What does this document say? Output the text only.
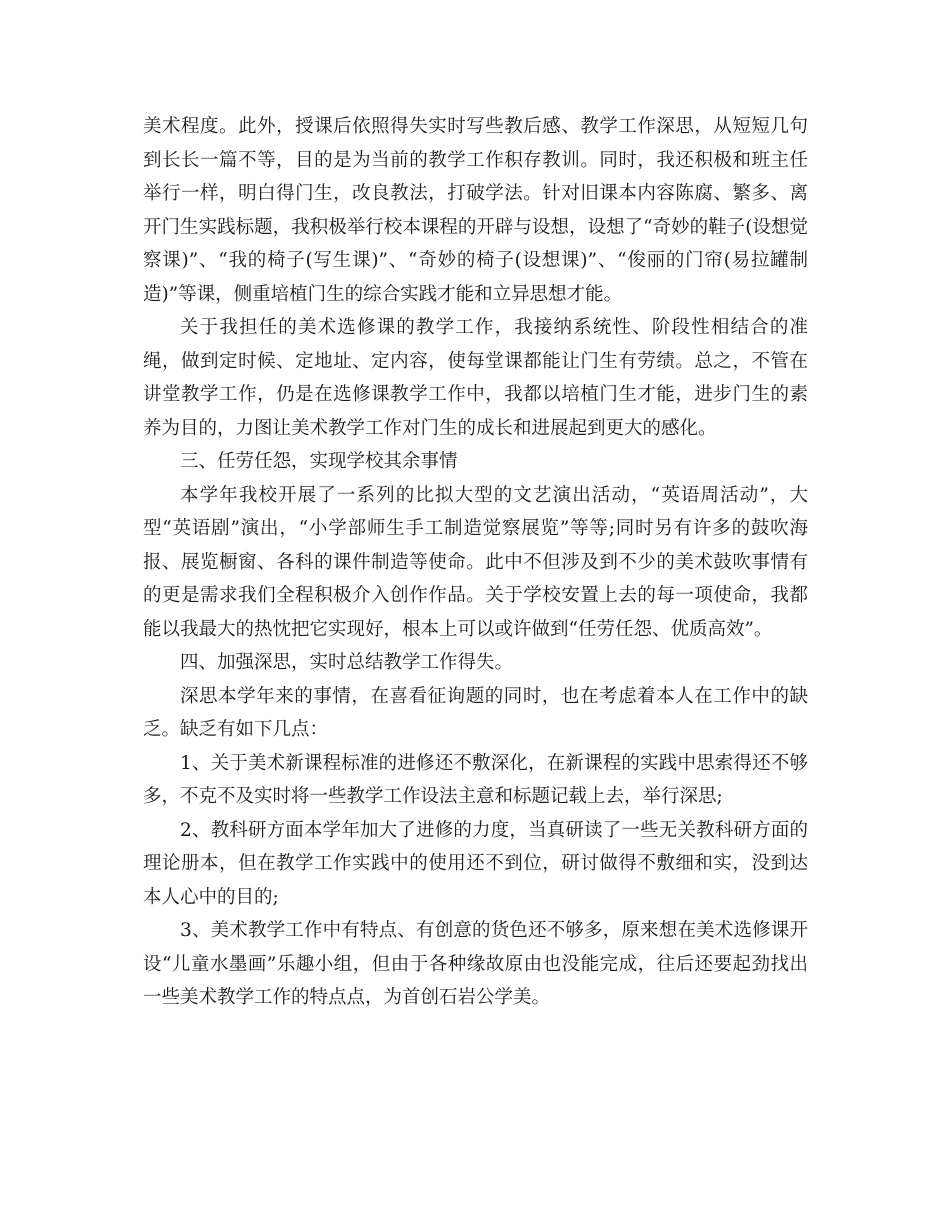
美术程度。此外，授课后依照得失实时写些教后感、教学工作深思，从短短几句到长长一篇不等，目的是为当前的教学工作积存教训。同时，我还积极和班主任举行一样，明白得门生，改良教法，打破学法。针对旧课本内容陈腐、繁多、离开门生实践标题，我积极举行校本课程的开辟与设想，设想了“奇妙的鞋子(设想觉察课)”、“我的椅子(写生课)”、“奇妙的椅子(设想课)”、“俊丽的门帘(易拉罐制造)”等课，侧重培植门生的综合实践才能和立异思想才能。

关于我担任的美术选修课的教学工作，我接纳系统性、阶段性相结合的准绳，做到定时候、定地址、定内容，使每堂课都能让门生有劳绩。总之，不管在讲堂教学工作，仍是在选修课教学工作中，我都以培植门生才能，进步门生的素养为目的，力图让美术教学工作对门生的成长和进展起到更大的感化。

三、任劳任怨，实现学校其余事情

本学年我校开展了一系列的比拟大型的文艺演出活动，“英语周活动”，大型“英语剧”演出，“小学部师生手工制造觉察展览”等等;同时另有许多的鼓吹海报、展览橱窗、各科的课件制造等使命。此中不但涉及到不少的美术鼓吹事情有的更是需求我们全程积极介入创作作品。关于学校安置上去的每一项使命，我都能以我最大的热忱把它实现好，根本上可以或许做到“任劳任怨、优质高效”。

四、加强深思，实时总结教学工作得失。

深思本学年来的事情，在喜看征询题的同时，也在考虑着本人在工作中的缺乏。缺乏有如下几点：

1、关于美术新课程标准的进修还不敷深化，在新课程的实践中思索得还不够多，不克不及实时将一些教学工作设法主意和标题记载上去，举行深思;

2、教科研方面本学年加大了进修的力度，当真研读了一些无关教科研方面的理论册本，但在教学工作实践中的使用还不到位，研讨做得不敷细和实，没到达本人心中的目的;

3、美术教学工作中有特点、有创意的货色还不够多，原来想在美术选修课开设“儿童水墨画”乐趣小组，但由于各种缘故原由也没能完成，往后还要起劲找出一些美术教学工作的特点点，为首创石岩公学美。
